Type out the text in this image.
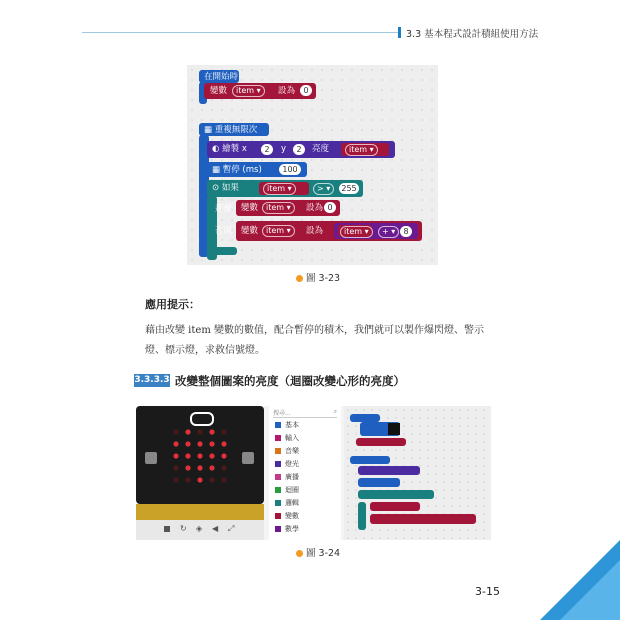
3.3 基本程式設計積組使用方法
在開始時
變數	item ▾	設為	0
▦ 重複無限次
◐ 繪製 x	2	y	2	亮度	item ▾
▦ 暫停 (ms)	100
⊙ 如果	item ▾	> ▾	255
那麼 變數 item ▾	設為 0
否則 變數 item ▾	設為	item ▾	+ ▾	8
圖 3-23
應用提示：
藉由改變 item 變數的數值，配合暫停的積木，我們就可以製作爆閃燈、警示燈、標示燈，求救信號燈。
3.3.3.3 改變整個圖案的亮度（迴圈改變心形的亮度）
↻ ◈ ◀ ⤢
搜尋...	⌕
基本
輸入
音樂
燈光
廣播
迴圈
邏輯
變數
數學
圖 3-24
3-15
